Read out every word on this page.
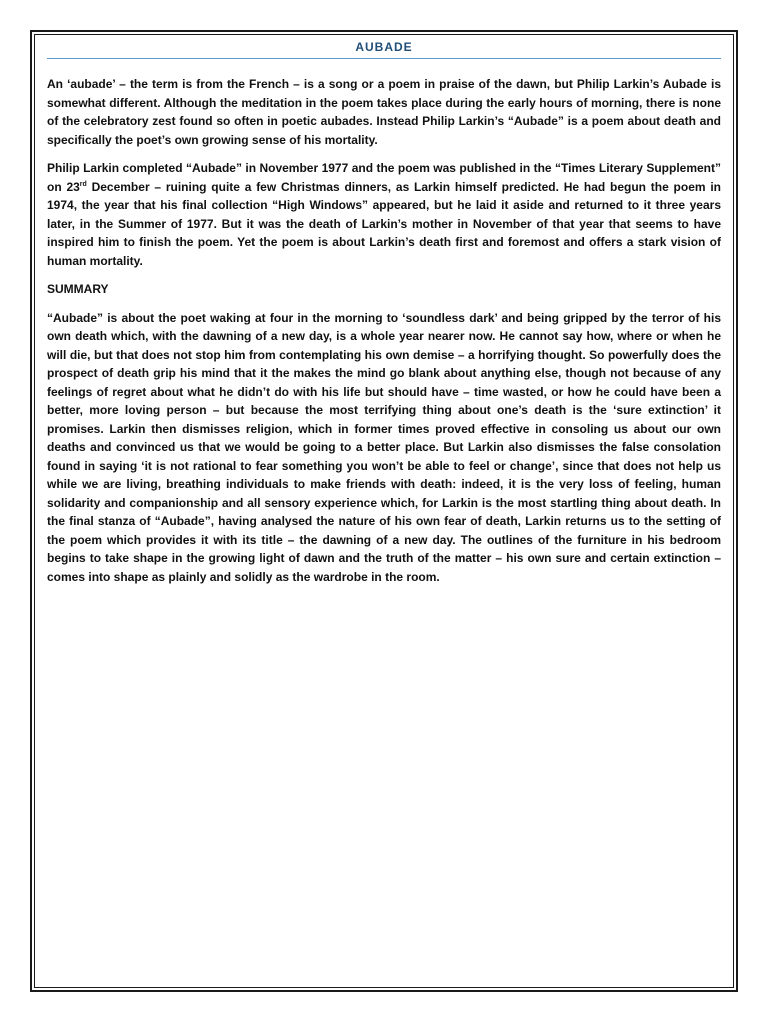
AUBADE

An ‘aubade’ – the term is from the French – is a song or a poem in praise of the dawn, but Philip Larkin’s Aubade is somewhat different. Although the meditation in the poem takes place during the early hours of morning, there is none of the celebratory zest found so often in poetic aubades. Instead Philip Larkin’s “Aubade” is a poem about death and specifically the poet’s own growing sense of his mortality.

Philip Larkin completed “Aubade” in November 1977 and the poem was published in the “Times Literary Supplement” on 23rd December – ruining quite a few Christmas dinners, as Larkin himself predicted. He had begun the poem in 1974, the year that his final collection “High Windows” appeared, but he laid it aside and returned to it three years later, in the Summer of 1977. But it was the death of Larkin’s mother in November of that year that seems to have inspired him to finish the poem. Yet the poem is about Larkin’s death first and foremost and offers a stark vision of human mortality.

SUMMARY

“Aubade” is about the poet waking at four in the morning to ‘soundless dark’ and being gripped by the terror of his own death which, with the dawning of a new day, is a whole year nearer now. He cannot say how, where or when he will die, but that does not stop him from contemplating his own demise – a horrifying thought. So powerfully does the prospect of death grip his mind that it the makes the mind go blank about anything else, though not because of any feelings of regret about what he didn’t do with his life but should have – time wasted, or how he could have been a better, more loving person – but because the most terrifying thing about one’s death is the ‘sure extinction’ it promises. Larkin then dismisses religion, which in former times proved effective in consoling us about our own deaths and convinced us that we would be going to a better place. But Larkin also dismisses the false consolation found in saying ‘it is not rational to fear something you won’t be able to feel or change’, since that does not help us while we are living, breathing individuals to make friends with death: indeed, it is the very loss of feeling, human solidarity and companionship and all sensory experience which, for Larkin is the most startling thing about death. In the final stanza of “Aubade”, having analysed the nature of his own fear of death, Larkin returns us to the setting of the poem which provides it with its title – the dawning of a new day. The outlines of the furniture in his bedroom begins to take shape in the growing light of dawn and the truth of the matter – his own sure and certain extinction – comes into shape as plainly and solidly as the wardrobe in the room.
